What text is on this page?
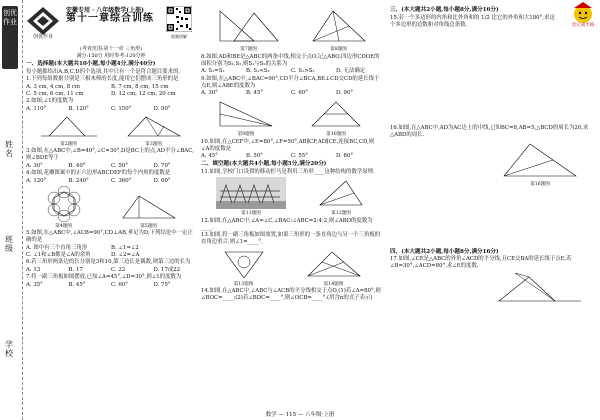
创优作业
姓名
班级
学校
创优作业
安徽专用 · 八年级数学(上册)
第十一章综合训练
视频讲解
(考查范围:第十一章 三角形)
满分:150分 用时参考:120分钟
一、选择题(本大题共10小题,每小题4分,满分40分)
每小题都给出A,B,C,D四个选项,其中只有一个是符合题目要求的.
1.下列每组数据分别是三根木棒的长度,能用它们摆成三角形的是
A. 3 cm, 4 cm, 8 cm	B. 7 cm, 8 cm, 15 cm
C. 5 cm, 6 cm, 11 cm	D. 12 cm, 12 cm, 20 cm
2.如图,∠1的度数为
A. 110°	B. 120°	C. 150°	D. 90°
第2题图	第3题图
3.如图,在△ABC中,∠B=40°,∠C=30°,D是BC上的点,AD平分∠BAC,则∠BDE等于
A. 30°	B. 40°	C. 50°	D. 70°
4.如图,花瓣图案中的正六边形ABCDEF的每个内角的度数是
A. 120°	B. 240°	C. 360°	D. 60°
第4题图	第5题图
5.如图,在△ABC中,∠ACB=90°,CD⊥AB,垂足为D,下列结论中一定正确的是
A. 图中有三个直角三角形	B. ∠1=∠2
C. ∠1和∠B都是∠A的余角	D. ∠2=∠A
6.若三角形两条边的长分别是3和10,第三边长是偶数,则第三边的长为
A. 13	B. 17	C. 22	D. 17或22
7.将一副三角板如图摆放,已知∠A=45°,∠D=30°,则∠1的度数为
A. 35°	B. 45°	C. 60°	D. 75°
第7题图	第8题图
8.如图,AD和BE是△ABC的两条中线,相交于点O,记△ABO,四边形CDOE的面积分别为S₁,S₂,则S₁与S₂的关系为
A. S₁=S₂	B. S₁<S₂	C. S₁>S₂	D. 无法确定
9.如图,在△ABC中,∠BAC=90°,CD平分∠BCA,BE⊥CD交CD的延长线于点E,则∠ABE的度数为
A. 30°	B. 45°	C. 60°	D. 90°
第9题图	第10题图
10.如图,在△CEF中,∠E=80°,∠F=50°,AB∥CF,AD∥CE,连接BC,CD,则∠A的度数是
A. 45°	B. 50°	C. 55°	D. 80°
二、填空题(本大题共4小题,每小题5分,满分20分)
11.如图,学校门口设置的移动拒马是利用三角形____这种结构的数学原理.
第11题图	第12题图
12.如图,在△ABC中,∠A=∠C,∠BAC:∠ABC=2:4:2,则∠ABD的度数为____.
13.如图,将一副三角板如图放置,如果三角形的一条直角边与另一个三角板的直角边重合,则∠1=____°.
第13题图	第14题图
14.如图,在△ABC中,∠ABC与∠ACB的平分线相交于点O,(1)若∠A=80°,则∠BOC=____;(2)若∠BDC=____°,则∠OCB=____°.(用含n的式子表示)
三、(本大题共2小题,每小题8分,满分16分)
15.若一个多边形的内角和比外角和的 1/2 比它的外角和大180°,求这个多边形的边数和对角线总条数.
16.如图,在△ABC中,AD为AC边上的中线,已知BC=8,AB=5,△BCD的周长为20,求△ABD的周长.
第16题图
四、(本大题共2小题,每小题8分,满分16分)
17.如图,∠CE是△ABC的外角∠ACD的平分线,且CE交BA的延长线于点E,若∠B=30°,∠ACD=80°,求∠E的度数.
状元成才路
数学 — 115 — 八年级·上册
